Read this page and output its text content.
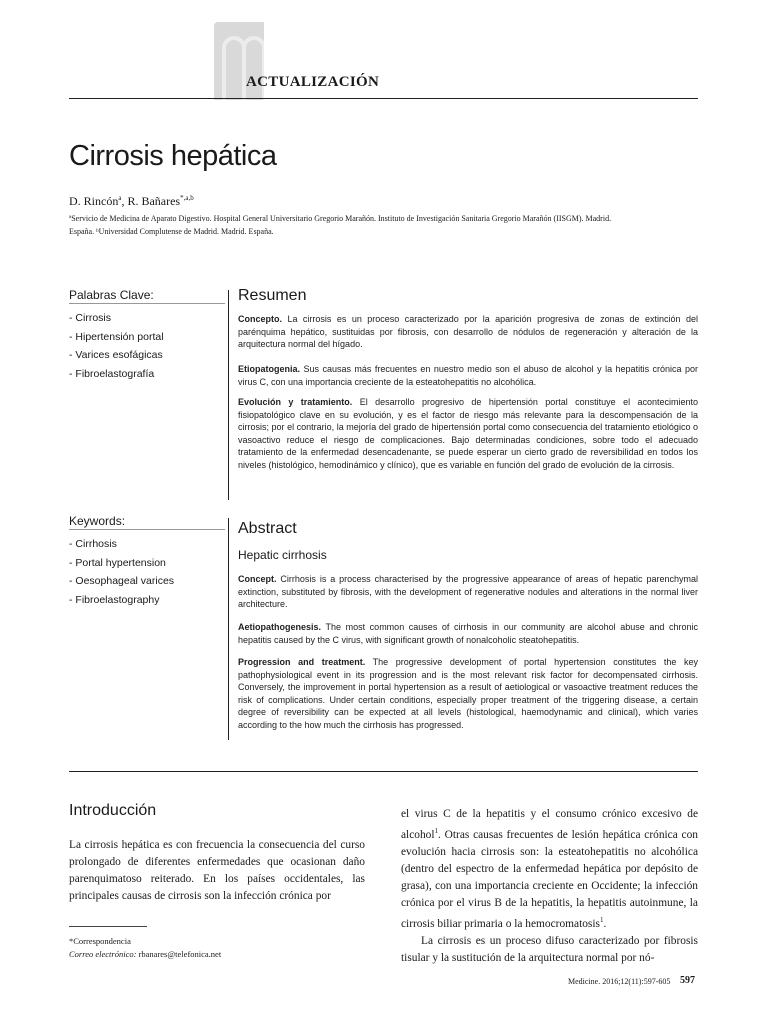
ACTUALIZACIÓN
Cirrosis hepática
D. Rincón$^a$, R. Bañares$^{*,a,b}$
ªServicio de Medicina de Aparato Digestivo. Hospital General Universitario Gregorio Marañón. Instituto de Investigación Sanitaria Gregorio Marañón (IISGM). Madrid.
España. ᵇUniversidad Complutense de Madrid. Madrid. España.
Palabras Clave:
- Cirrosis
- Hipertensión portal
- Varices esofágicas
- Fibroelastografía
Keywords:
- Cirrhosis
- Portal hypertension
- Oesophageal varices
- Fibroelastography
Resumen
Concepto. La cirrosis es un proceso caracterizado por la aparición progresiva de zonas de extinción del parénquima hepático, sustituidas por fibrosis, con desarrollo de nódulos de regeneración y alteración de la arquitectura normal del hígado.
Etiopatogenia. Sus causas más frecuentes en nuestro medio son el abuso de alcohol y la hepatitis crónica por virus C, con una importancia creciente de la esteatohepatitis no alcohólica.
Evolución y tratamiento. El desarrollo progresivo de hipertensión portal constituye el acontecimiento fisiopatológico clave en su evolución, y es el factor de riesgo más relevante para la descompensación de la cirrosis; por el contrario, la mejoría del grado de hipertensión portal como consecuencia del tratamiento etiológico o vasoactivo reduce el riesgo de complicaciones. Bajo determinadas condiciones, sobre todo el adecuado tratamiento de la enfermedad desencadenante, se puede esperar un cierto grado de reversibilidad en todos los niveles (histológico, hemodinámico y clínico), que es variable en función del grado de evolución de la cirrosis.
Abstract
Hepatic cirrhosis
Concept. Cirrhosis is a process characterised by the progressive appearance of areas of hepatic parenchymal extinction, substituted by fibrosis, with the development of regenerative nodules and alterations in the normal liver architecture.
Aetiopathogenesis. The most common causes of cirrhosis in our community are alcohol abuse and chronic hepatitis caused by the C virus, with significant growth of nonalcoholic steatohepatitis.
Progression and treatment. The progressive development of portal hypertension constitutes the key pathophysiological event in its progression and is the most relevant risk factor for decompensated cirrhosis. Conversely, the improvement in portal hypertension as a result of aetiological or vasoactive treatment reduces the risk of complications. Under certain conditions, especially proper treatment of the triggering disease, a certain degree of reversibility can be expected at all levels (histological, haemodynamic and clinical), which varies according to the how much the cirrhosis has progressed.
Introducción
La cirrosis hepática es con frecuencia la consecuencia del curso prolongado de diferentes enfermedades que ocasionan daño parenquimatoso reiterado. En los países occidentales, las principales causas de cirrosis son la infección crónica por
el virus C de la hepatitis y el consumo crónico excesivo de alcohol$^1$. Otras causas frecuentes de lesión hepática crónica con evolución hacia cirrosis son: la esteatohepatitis no alcohólica (dentro del espectro de la enfermedad hepática por depósito de grasa), con una importancia creciente en Occidente; la infección crónica por el virus B de la hepatitis, la hepatitis autoinmune, la cirrosis biliar primaria o la hemocromatosis$^1$.
La cirrosis es un proceso difuso caracterizado por fibrosis tisular y la sustitución de la arquitectura normal por nó-
*Correspondencia
Correo electrónico: rbanares@telefonica.net
Medicine. 2016;12(11):597-605 597
